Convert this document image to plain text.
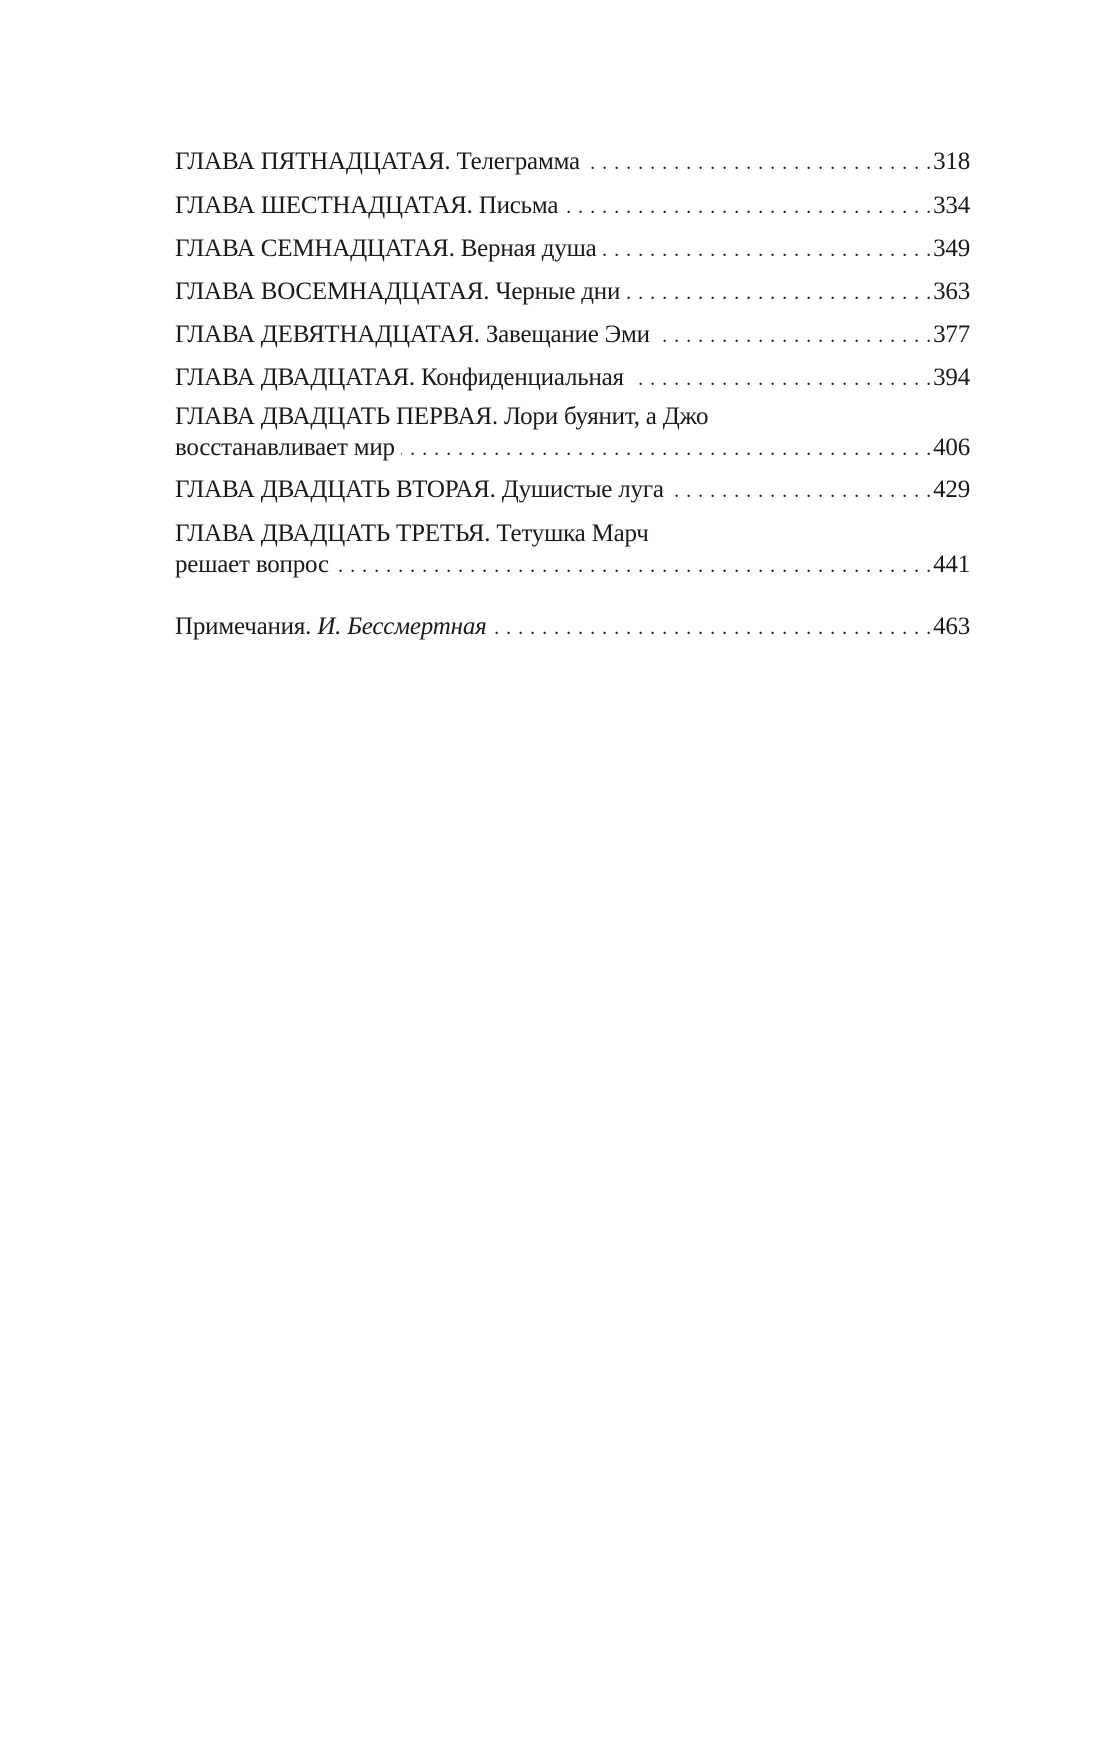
ГЛАВА ПЯТНАДЦАТАЯ. Телеграмма . . .	318
ГЛАВА ШЕСТНАДЦАТАЯ. Письма . . .	334
ГЛАВА СЕМНАДЦАТАЯ. Верная душа . . .	349
ГЛАВА ВОСЕМНАДЦАТАЯ. Черные дни . . .	363
ГЛАВА ДЕВЯТНАДЦАТАЯ. Завещание Эми . . .	377
ГЛАВА ДВАДЦАТАЯ. Конфиденциальная . . .	394
ГЛАВА ДВАДЦАТЬ ПЕРВАЯ. Лори буянит, а Джо
восстанавливает мир . . .	406
ГЛАВА ДВАДЦАТЬ ВТОРАЯ. Душистые луга . . .	429
ГЛАВА ДВАДЦАТЬ ТРЕТЬЯ. Тетушка Марч
решает вопрос . . .	441
Примечания. И. Бессмертная . . .	463
